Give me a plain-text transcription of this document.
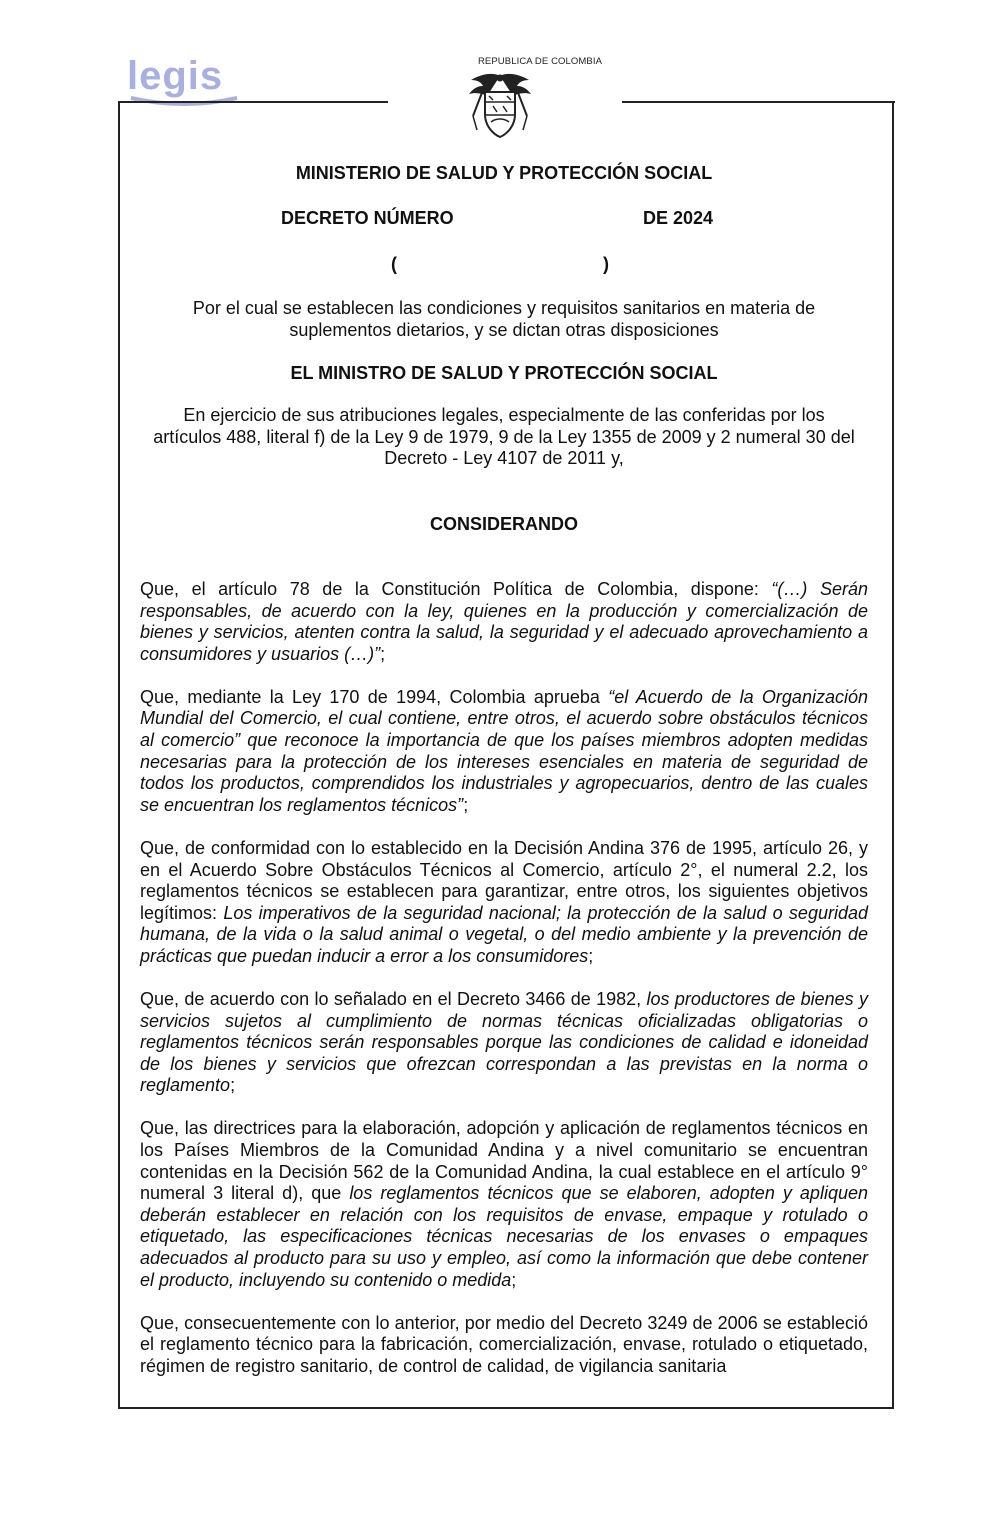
legis	REPUBLICA DE COLOMBIA
MINISTERIO DE SALUD Y PROTECCIÓN SOCIAL
DECRETO NÚMERO	DE 2024
(	)
Por el cual se establecen las condiciones y requisitos sanitarios en materia de suplementos dietarios, y se dictan otras disposiciones
EL MINISTRO DE SALUD Y PROTECCIÓN SOCIAL
En ejercicio de sus atribuciones legales, especialmente de las conferidas por los artículos 488, literal f) de la Ley 9 de 1979, 9 de la Ley 1355 de 2009 y 2 numeral 30 del Decreto - Ley 4107 de 2011 y,
CONSIDERANDO

Que, el artículo 78 de la Constitución Política de Colombia, dispone: “(…) Serán responsables, de acuerdo con la ley, quienes en la producción y comercialización de bienes y servicios, atenten contra la salud, la seguridad y el adecuado aprovechamiento a consumidores y usuarios (…)”;

Que, mediante la Ley 170 de 1994, Colombia aprueba “el Acuerdo de la Organización Mundial del Comercio, el cual contiene, entre otros, el acuerdo sobre obstáculos técnicos al comercio” que reconoce la importancia de que los países miembros adopten medidas necesarias para la protección de los intereses esenciales en materia de seguridad de todos los productos, comprendidos los industriales y agropecuarios, dentro de las cuales se encuentran los reglamentos técnicos”;

Que, de conformidad con lo establecido en la Decisión Andina 376 de 1995, artículo 26, y en el Acuerdo Sobre Obstáculos Técnicos al Comercio, artículo 2°, el numeral 2.2, los reglamentos técnicos se establecen para garantizar, entre otros, los siguientes objetivos legítimos: Los imperativos de la seguridad nacional; la protección de la salud o seguridad humana, de la vida o la salud animal o vegetal, o del medio ambiente y la prevención de prácticas que puedan inducir a error a los consumidores;

Que, de acuerdo con lo señalado en el Decreto 3466 de 1982, los productores de bienes y servicios sujetos al cumplimiento de normas técnicas oficializadas obligatorias o reglamentos técnicos serán responsables porque las condiciones de calidad e idoneidad de los bienes y servicios que ofrezcan correspondan a las previstas en la norma o reglamento;

Que, las directrices para la elaboración, adopción y aplicación de reglamentos técnicos en los Países Miembros de la Comunidad Andina y a nivel comunitario se encuentran contenidas en la Decisión 562 de la Comunidad Andina, la cual establece en el artículo 9° numeral 3 literal d), que los reglamentos técnicos que se elaboren, adopten y apliquen deberán establecer en relación con los requisitos de envase, empaque y rotulado o etiquetado, las especificaciones técnicas necesarias de los envases o empaques adecuados al producto para su uso y empleo, así como la información que debe contener el producto, incluyendo su contenido o medida;

Que, consecuentemente con lo anterior, por medio del Decreto 3249 de 2006 se estableció el reglamento técnico para la fabricación, comercialización, envase, rotulado o etiquetado, régimen de registro sanitario, de control de calidad, de vigilancia sanitaria
